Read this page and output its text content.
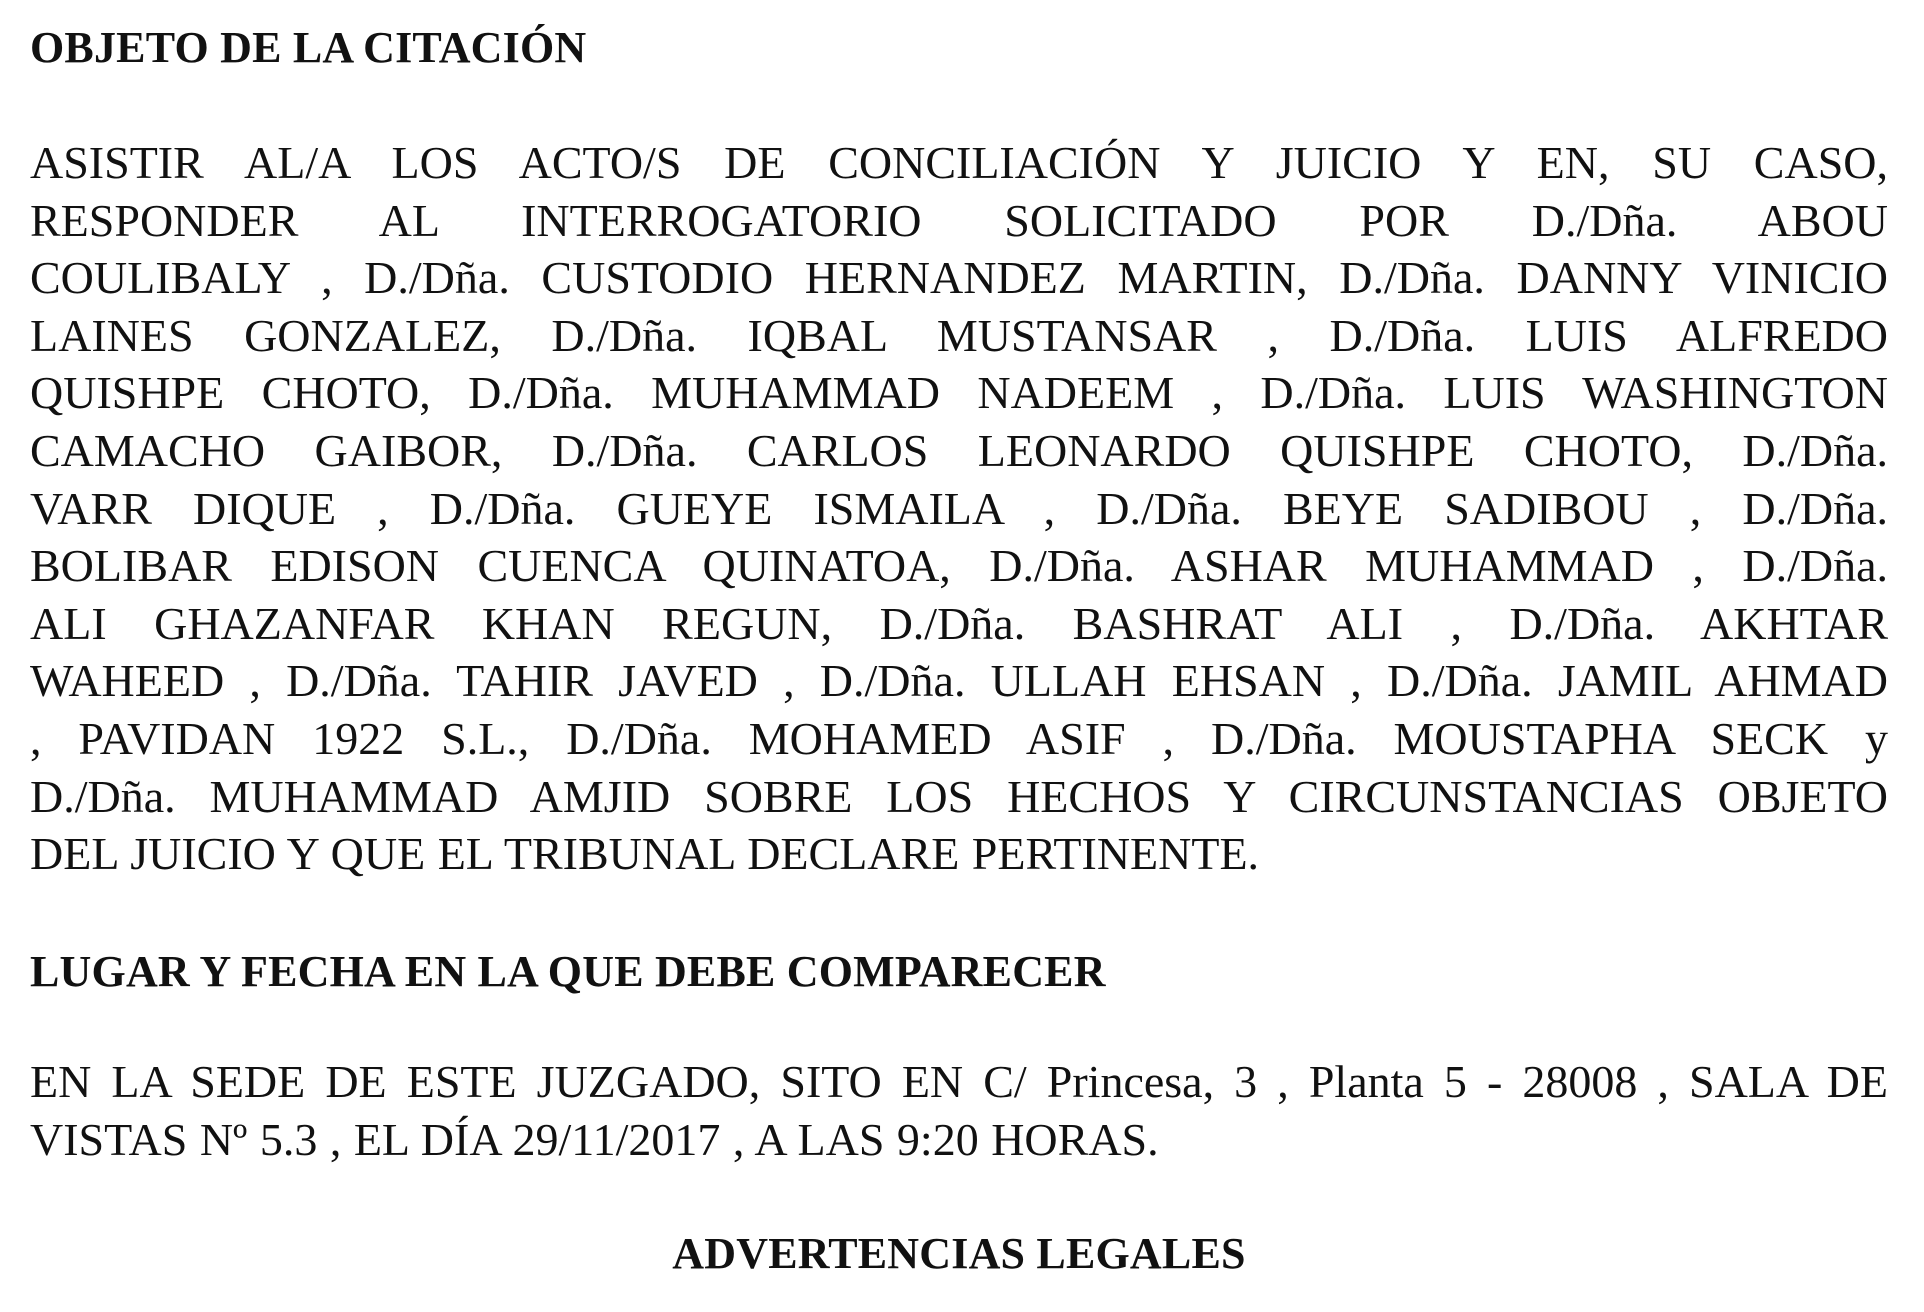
OBJETO DE LA CITACIÓN

ASISTIR AL/A LOS ACTO/S DE CONCILIACIÓN Y JUICIO Y EN, SU CASO,
RESPONDER AL INTERROGATORIO SOLICITADO POR D./Dña. ABOU
COULIBALY , D./Dña. CUSTODIO HERNANDEZ MARTIN, D./Dña. DANNY VINICIO
LAINES GONZALEZ, D./Dña. IQBAL MUSTANSAR , D./Dña. LUIS ALFREDO
QUISHPE CHOTO, D./Dña. MUHAMMAD NADEEM , D./Dña. LUIS WASHINGTON
CAMACHO GAIBOR, D./Dña. CARLOS LEONARDO QUISHPE CHOTO, D./Dña.
VARR DIQUE , D./Dña. GUEYE ISMAILA , D./Dña. BEYE SADIBOU , D./Dña.
BOLIBAR EDISON CUENCA QUINATOA, D./Dña. ASHAR MUHAMMAD , D./Dña.
ALI GHAZANFAR KHAN REGUN, D./Dña. BASHRAT ALI , D./Dña. AKHTAR
WAHEED , D./Dña. TAHIR JAVED , D./Dña. ULLAH EHSAN , D./Dña. JAMIL AHMAD
, PAVIDAN 1922 S.L., D./Dña. MOHAMED ASIF , D./Dña. MOUSTAPHA SECK y
D./Dña. MUHAMMAD AMJID SOBRE LOS HECHOS Y CIRCUNSTANCIAS OBJETO
DEL JUICIO Y QUE EL TRIBUNAL DECLARE PERTINENTE.

LUGAR Y FECHA EN LA QUE DEBE COMPARECER

EN LA SEDE DE ESTE JUZGADO, SITO EN C/ Princesa, 3 , Planta 5 - 28008 , SALA DE
VISTAS Nº 5.3 , EL DÍA 29/11/2017 , A LAS 9:20 HORAS.

ADVERTENCIAS LEGALES
